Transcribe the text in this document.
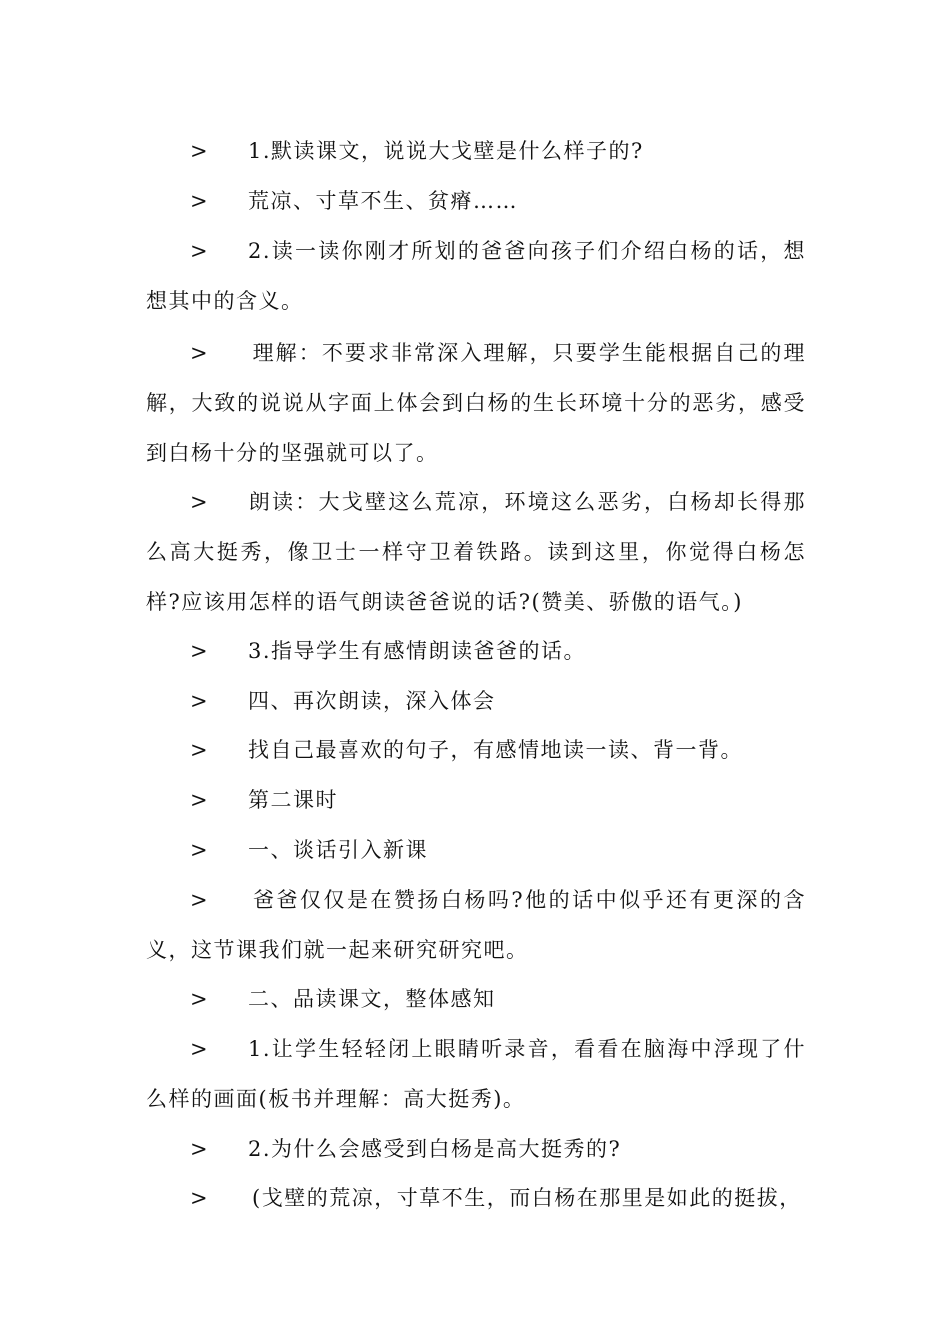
> 1.默读课文，说说大戈壁是什么样子的?

> 荒凉、寸草不生、贫瘠……

> 2.读一读你刚才所划的爸爸向孩子们介绍白杨的话，想想其中的含义。

> 理解：不要求非常深入理解，只要学生能根据自己的理解，大致的说说从字面上体会到白杨的生长环境十分的恶劣，感受到白杨十分的坚强就可以了。

> 朗读：大戈壁这么荒凉，环境这么恶劣，白杨却长得那么高大挺秀，像卫士一样守卫着铁路。读到这里，你觉得白杨怎样?应该用怎样的语气朗读爸爸说的话?(赞美、骄傲的语气。)

> 3.指导学生有感情朗读爸爸的话。

> 四、再次朗读，深入体会

> 找自己最喜欢的句子，有感情地读一读、背一背。

> 第二课时

> 一、谈话引入新课

> 爸爸仅仅是在赞扬白杨吗?他的话中似乎还有更深的含义，这节课我们就一起来研究研究吧。

> 二、品读课文，整体感知

> 1.让学生轻轻闭上眼睛听录音，看看在脑海中浮现了什么样的画面(板书并理解：高大挺秀)。

> 2.为什么会感受到白杨是高大挺秀的?

> (戈壁的荒凉，寸草不生，而白杨在那里是如此的挺拔，
